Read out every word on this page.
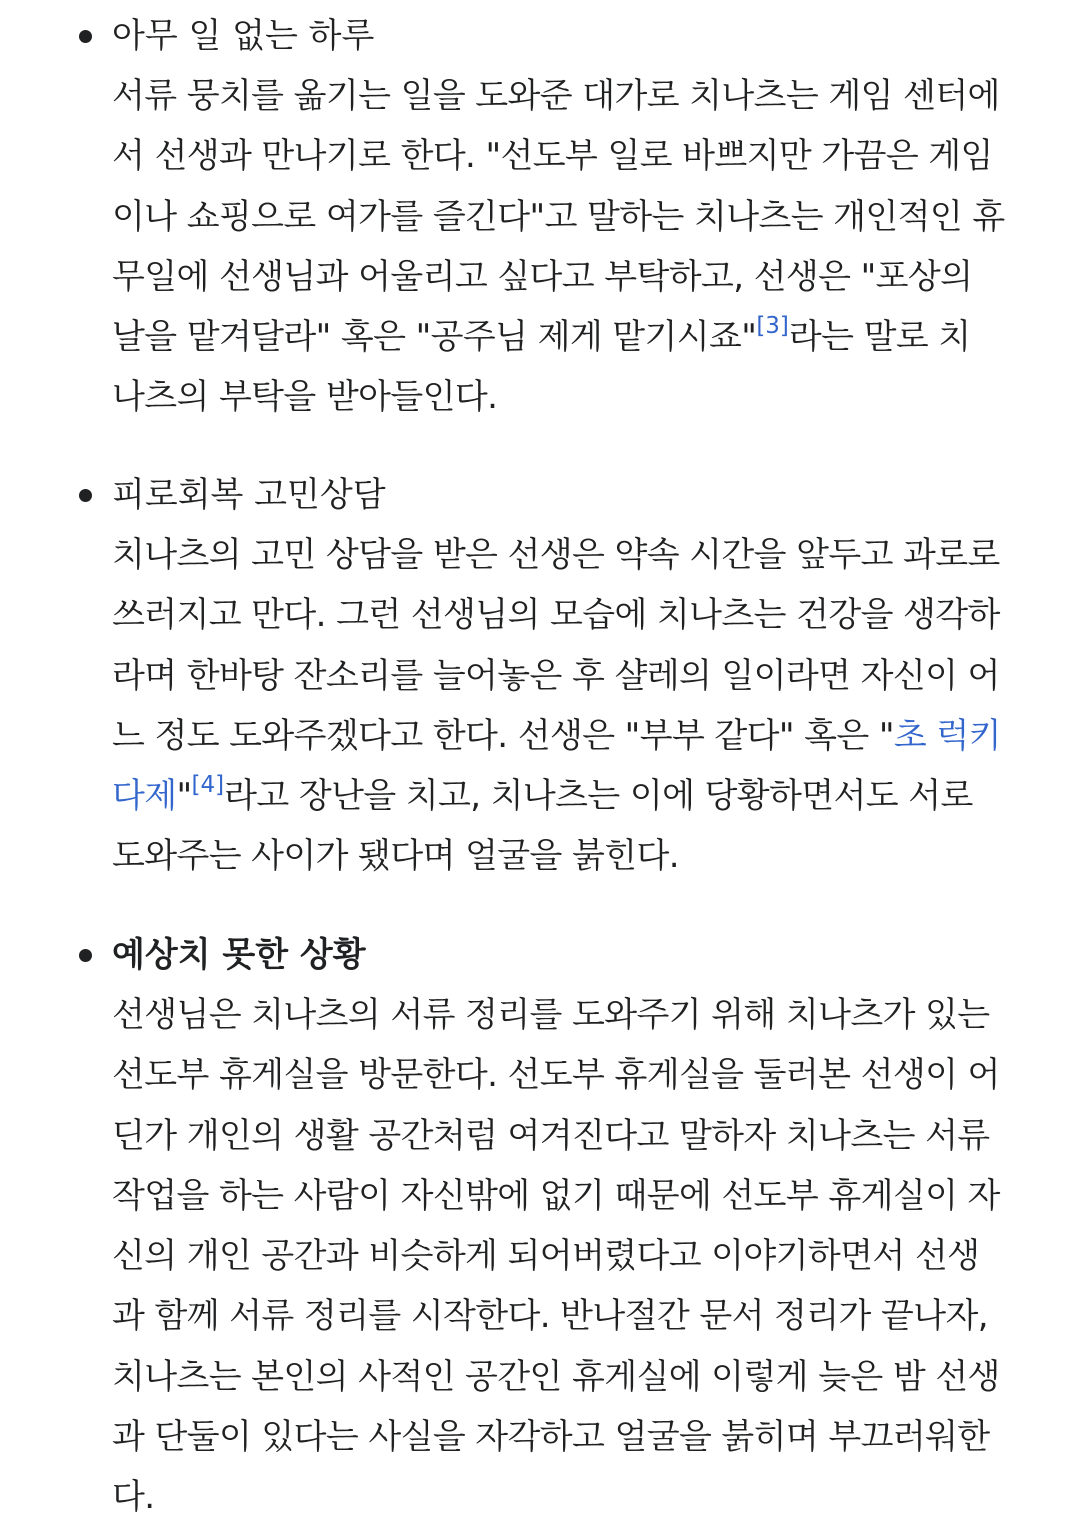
아무 일 없는 하루
서류 뭉치를 옮기는 일을 도와준 대가로 치나츠는 게임 센터에
서 선생과 만나기로 한다. "선도부 일로 바쁘지만 가끔은 게임
이나 쇼핑으로 여가를 즐긴다"고 말하는 치나츠는 개인적인 휴
무일에 선생님과 어울리고 싶다고 부탁하고, 선생은 "포상의
날을 맡겨달라" 혹은 "공주님 제게 맡기시죠"[3]라는 말로 치
나츠의 부탁을 받아들인다.
피로회복 고민상담
치나츠의 고민 상담을 받은 선생은 약속 시간을 앞두고 과로로
쓰러지고 만다. 그런 선생님의 모습에 치나츠는 건강을 생각하
라며 한바탕 잔소리를 늘어놓은 후 샬레의 일이라면 자신이 어
느 정도 도와주겠다고 한다. 선생은 "부부 같다" 혹은 "초 럭키
다제"[4]라고 장난을 치고, 치나츠는 이에 당황하면서도 서로
도와주는 사이가 됐다며 얼굴을 붉힌다.
예상치 못한 상황
선생님은 치나츠의 서류 정리를 도와주기 위해 치나츠가 있는
선도부 휴게실을 방문한다. 선도부 휴게실을 둘러본 선생이 어
딘가 개인의 생활 공간처럼 여겨진다고 말하자 치나츠는 서류
작업을 하는 사람이 자신밖에 없기 때문에 선도부 휴게실이 자
신의 개인 공간과 비슷하게 되어버렸다고 이야기하면서 선생
과 함께 서류 정리를 시작한다. 반나절간 문서 정리가 끝나자,
치나츠는 본인의 사적인 공간인 휴게실에 이렇게 늦은 밤 선생
과 단둘이 있다는 사실을 자각하고 얼굴을 붉히며 부끄러워한
다.
